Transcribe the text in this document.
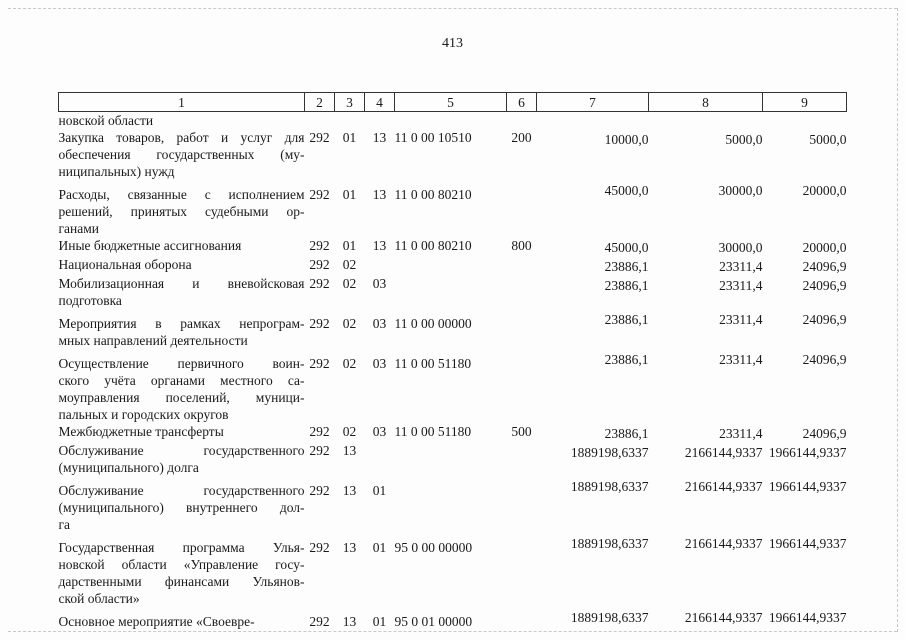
413
1	2	3	4	5	6	7	8	9

новской области								

Закупка товаров, работ и услуг для
обеспечения государственных (му-
ниципальных) нужд	292	01	13	11 0 00 10510	200	10000,0	5000,0	5000,0

Расходы, связанные с исполнением
решений, принятых судебными ор-
ганами	292	01	13	11 0 00 80210		45000,0	30000,0	20000,0

Иные бюджетные ассигнования	292	01	13	11 0 00 80210	800	45000,0	30000,0	20000,0

Национальная оборона	292	02				23886,1	23311,4	24096,9

Мобилизационная и вневойсковая
подготовка	292	02	03			23886,1	23311,4	24096,9

Мероприятия в рамках непрограм-
мных направлений деятельности	292	02	03	11 0 00 00000		23886,1	23311,4	24096,9

Осуществление первичного воин-
ского учёта органами местного са-
моуправления поселений, муници-
пальных и городских округов	292	02	03	11 0 00 51180		23886,1	23311,4	24096,9

Межбюджетные трансферты	292	02	03	11 0 00 51180	500	23886,1	23311,4	24096,9

Обслуживание государственного
(муниципального) долга	292	13				1889198,6337	2166144,9337	1966144,9337

Обслуживание государственного
(муниципального) внутреннего дол-
га	292	13	01			1889198,6337	2166144,9337	1966144,9337

Государственная программа Улья-
новской области «Управление госу-
дарственными финансами Ульянов-
ской области»	292	13	01	95 0 00 00000		1889198,6337	2166144,9337	1966144,9337

Основное мероприятие «Своевре-	292	13	01	95 0 01 00000		1889198,6337	2166144,9337	1966144,9337
